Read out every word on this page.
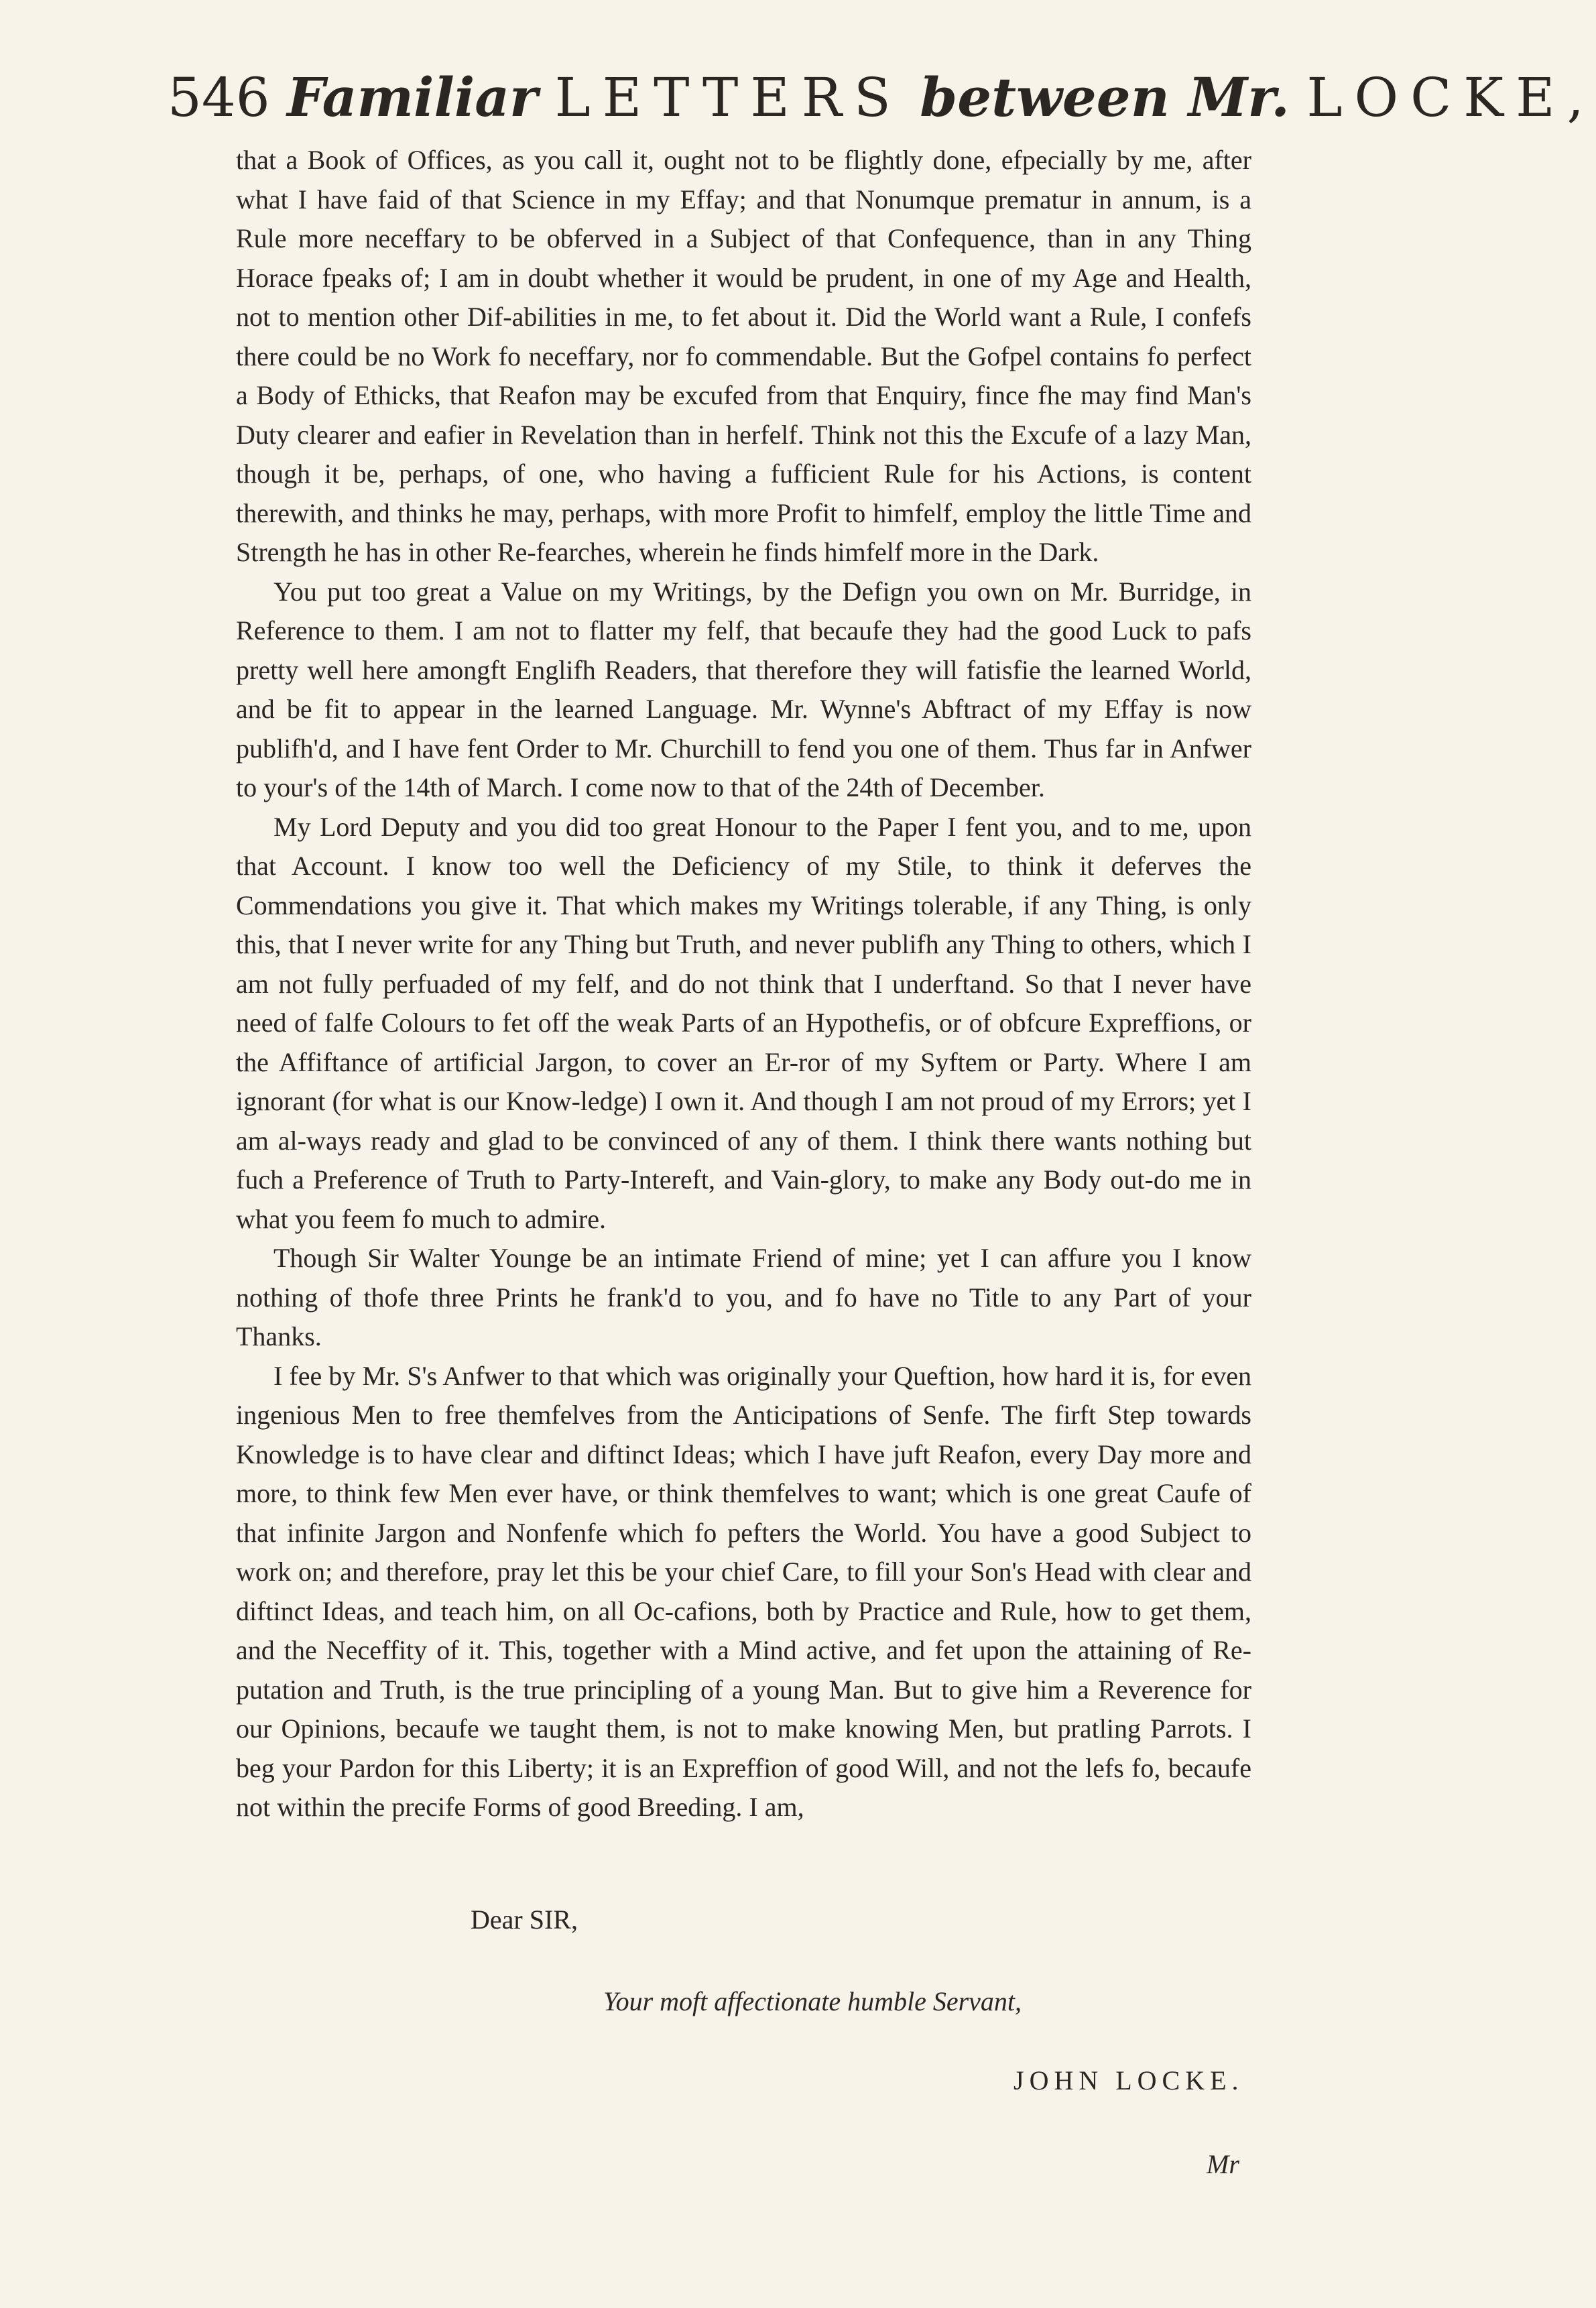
546 Familiar LETTERS between Mr. LOCKE,

that a Book of Offices, as you call it, ought not to be flightly done, efpecially by me, after what I have faid of that Science in my Effay; and that Nonumque prematur in annum, is a Rule more neceffary to be obferved in a Subject of that Confequence, than in any Thing Horace fpeaks of; I am in doubt whether it would be prudent, in one of my Age and Health, not to mention other Dif-abilities in me, to fet about it. Did the World want a Rule, I confefs there could be no Work fo neceffary, nor fo commendable. But the Gofpel contains fo perfect a Body of Ethicks, that Reafon may be excufed from that Enquiry, fince fhe may find Man's Duty clearer and eafier in Revelation than in herfelf. Think not this the Excufe of a lazy Man, though it be, perhaps, of one, who having a fufficient Rule for his Actions, is content therewith, and thinks he may, perhaps, with more Profit to himfelf, employ the little Time and Strength he has in other Re-fearches, wherein he finds himfelf more in the Dark.

You put too great a Value on my Writings, by the Defign you own on Mr. Burridge, in Reference to them. I am not to flatter my felf, that becaufe they had the good Luck to pafs pretty well here amongft Englifh Readers, that therefore they will fatisfie the learned World, and be fit to appear in the learned Language. Mr. Wynne's Abftract of my Effay is now publifh'd, and I have fent Order to Mr. Churchill to fend you one of them. Thus far in Anfwer to your's of the 14th of March. I come now to that of the 24th of December.

My Lord Deputy and you did too great Honour to the Paper I fent you, and to me, upon that Account. I know too well the Deficiency of my Stile, to think it deferves the Commendations you give it. That which makes my Writings tolerable, if any Thing, is only this, that I never write for any Thing but Truth, and never publifh any Thing to others, which I am not fully perfuaded of my felf, and do not think that I underftand. So that I never have need of falfe Colours to fet off the weak Parts of an Hypothefis, or of obfcure Expreffions, or the Affiftance of artificial Jargon, to cover an Er-ror of my Syftem or Party. Where I am ignorant (for what is our Know-ledge) I own it. And though I am not proud of my Errors; yet I am al-ways ready and glad to be convinced of any of them. I think there wants nothing but fuch a Preference of Truth to Party-Intereft, and Vain-glory, to make any Body out-do me in what you feem fo much to admire.

Though Sir Walter Younge be an intimate Friend of mine; yet I can affure you I know nothing of thofe three Prints he frank'd to you, and fo have no Title to any Part of your Thanks.

I fee by Mr. S's Anfwer to that which was originally your Queftion, how hard it is, for even ingenious Men to free themfelves from the Anticipations of Senfe. The firft Step towards Knowledge is to have clear and diftinct Ideas; which I have juft Reafon, every Day more and more, to think few Men ever have, or think themfelves to want; which is one great Caufe of that infinite Jargon and Nonfenfe which fo pefters the World. You have a good Subject to work on; and therefore, pray let this be your chief Care, to fill your Son's Head with clear and diftinct Ideas, and teach him, on all Oc-cafions, both by Practice and Rule, how to get them, and the Neceffity of it. This, together with a Mind active, and fet upon the attaining of Re-putation and Truth, is the true principling of a young Man. But to give him a Reverence for our Opinions, becaufe we taught them, is not to make knowing Men, but pratling Parrots. I beg your Pardon for this Liberty; it is an Expreffion of good Will, and not the lefs fo, becaufe not within the precife Forms of good Breeding. I am,

Dear SIR,
Your moft affectionate humble Servant,
JOHN LOCKE.
Mr
